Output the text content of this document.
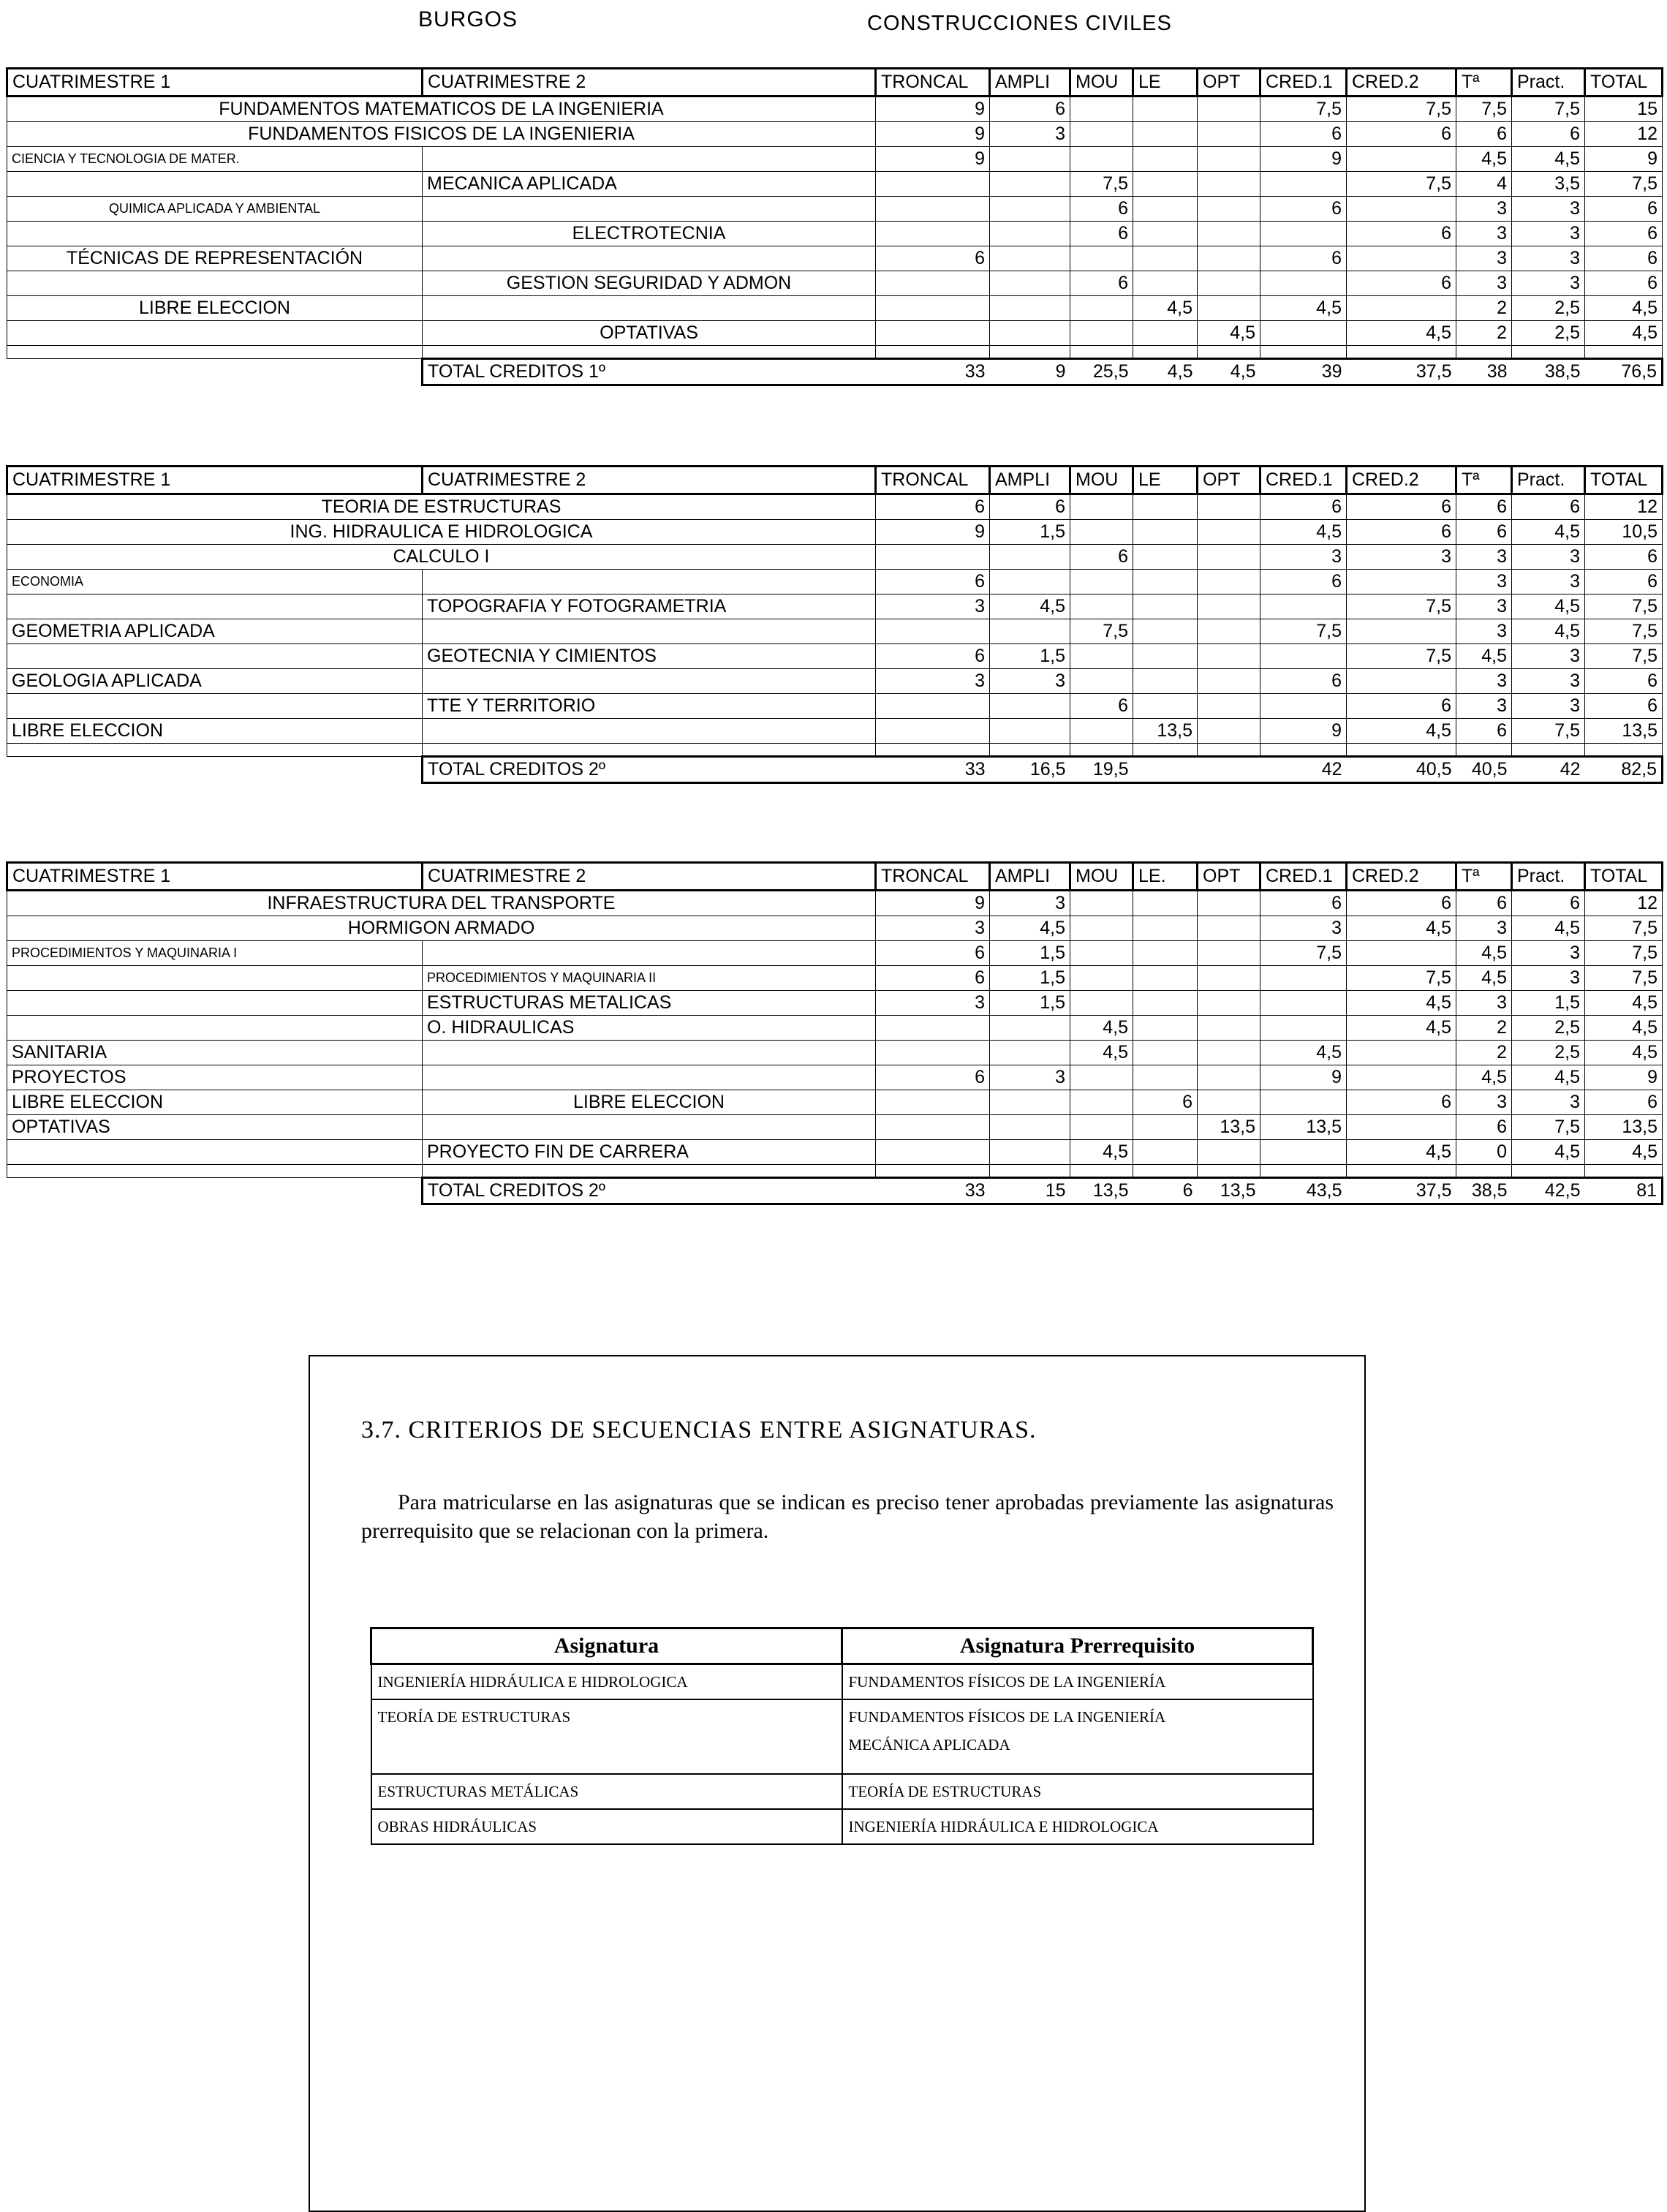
BURGOS	CONSTRUCCIONES CIVILES
CUATRIMESTRE 1	CUATRIMESTRE 2	TRONCAL	AMPLI	MOU	LE	OPT	CRED.1	CRED.2	Tª	Pract.	TOTAL
FUNDAMENTOS MATEMATICOS DE LA INGENIERIA		9	6				7,5	7,5	7,5	7,5	15
FUNDAMENTOS FISICOS DE LA INGENIERIA		9	3				6	6	6	6	12
CIENCIA Y TECNOLOGIA DE MATER.		9					9		4,5	4,5	9
	MECANICA APLICADA			7,5				7,5	4	3,5	7,5
QUIMICA APLICADA Y AMBIENTAL				6			6		3	3	6
	ELECTROTECNIA			6				6	3	3	6
TÉCNICAS DE REPRESENTACIÓN		6					6		3	3	6
	GESTION SEGURIDAD Y ADMON			6				6	3	3	6
LIBRE ELECCION					4,5		4,5		2	2,5	4,5
	OPTATIVAS					4,5		4,5	2	2,5	4,5

	TOTAL CREDITOS 1º	33	9	25,5	4,5	4,5	39	37,5	38	38,5	76,5
CUATRIMESTRE 1	CUATRIMESTRE 2	TRONCAL	AMPLI	MOU	LE	OPT	CRED.1	CRED.2	Tª	Pract.	TOTAL
TEORIA DE ESTRUCTURAS		6	6				6	6	6	6	12
ING. HIDRAULICA E HIDROLOGICA		9	1,5				4,5	6	6	4,5	10,5
CALCULO I				6			3	3	3	3	6
ECONOMIA		6					6		3	3	6
	TOPOGRAFIA Y FOTOGRAMETRIA	3	4,5					7,5	3	4,5	7,5
GEOMETRIA APLICADA				7,5			7,5		3	4,5	7,5
	GEOTECNIA Y CIMIENTOS	6	1,5					7,5	4,5	3	7,5
GEOLOGIA APLICADA		3	3				6		3	3	6
	TTE Y TERRITORIO			6				6	3	3	6
LIBRE ELECCION					13,5		9	4,5	6	7,5	13,5

	TOTAL CREDITOS 2º	33	16,5	19,5			42	40,5	40,5	42	82,5
CUATRIMESTRE 1	CUATRIMESTRE 2	TRONCAL	AMPLI	MOU	LE.	OPT	CRED.1	CRED.2	Tª	Pract.	TOTAL
INFRAESTRUCTURA DEL TRANSPORTE		9	3				6	6	6	6	12
HORMIGON ARMADO		3	4,5				3	4,5	3	4,5	7,5
PROCEDIMIENTOS Y MAQUINARIA I		6	1,5				7,5		4,5	3	7,5
	PROCEDIMIENTOS Y MAQUINARIA II	6	1,5					7,5	4,5	3	7,5
	ESTRUCTURAS METALICAS	3	1,5					4,5	3	1,5	4,5
	O. HIDRAULICAS			4,5				4,5	2	2,5	4,5
SANITARIA				4,5			4,5		2	2,5	4,5
PROYECTOS		6	3				9		4,5	4,5	9
LIBRE ELECCION	LIBRE ELECCION				6			6	3	3	6
OPTATIVAS						13,5	13,5		6	7,5	13,5
	PROYECTO FIN DE CARRERA			4,5				4,5	0	4,5	4,5

	TOTAL CREDITOS 2º	33	15	13,5	6	13,5	43,5	37,5	38,5	42,5	81
3.7. CRITERIOS DE SECUENCIAS ENTRE ASIGNATURAS.
Para matricularse en las asignaturas que se indican es preciso tener aprobadas previamente las asignaturas prerrequisito que se relacionan con la primera.
Asignatura	Asignatura Prerrequisito
INGENIERÍA HIDRÁULICA E HIDROLOGICA	FUNDAMENTOS FÍSICOS DE LA INGENIERÍA

TEORÍA DE ESTRUCTURAS	FUNDAMENTOS FÍSICOS DE LA INGENIERÍA
MECÁNICA APLICADA

ESTRUCTURAS METÁLICAS	TEORÍA DE ESTRUCTURAS

OBRAS HIDRÁULICAS	INGENIERÍA HIDRÁULICA E HIDROLOGICA
